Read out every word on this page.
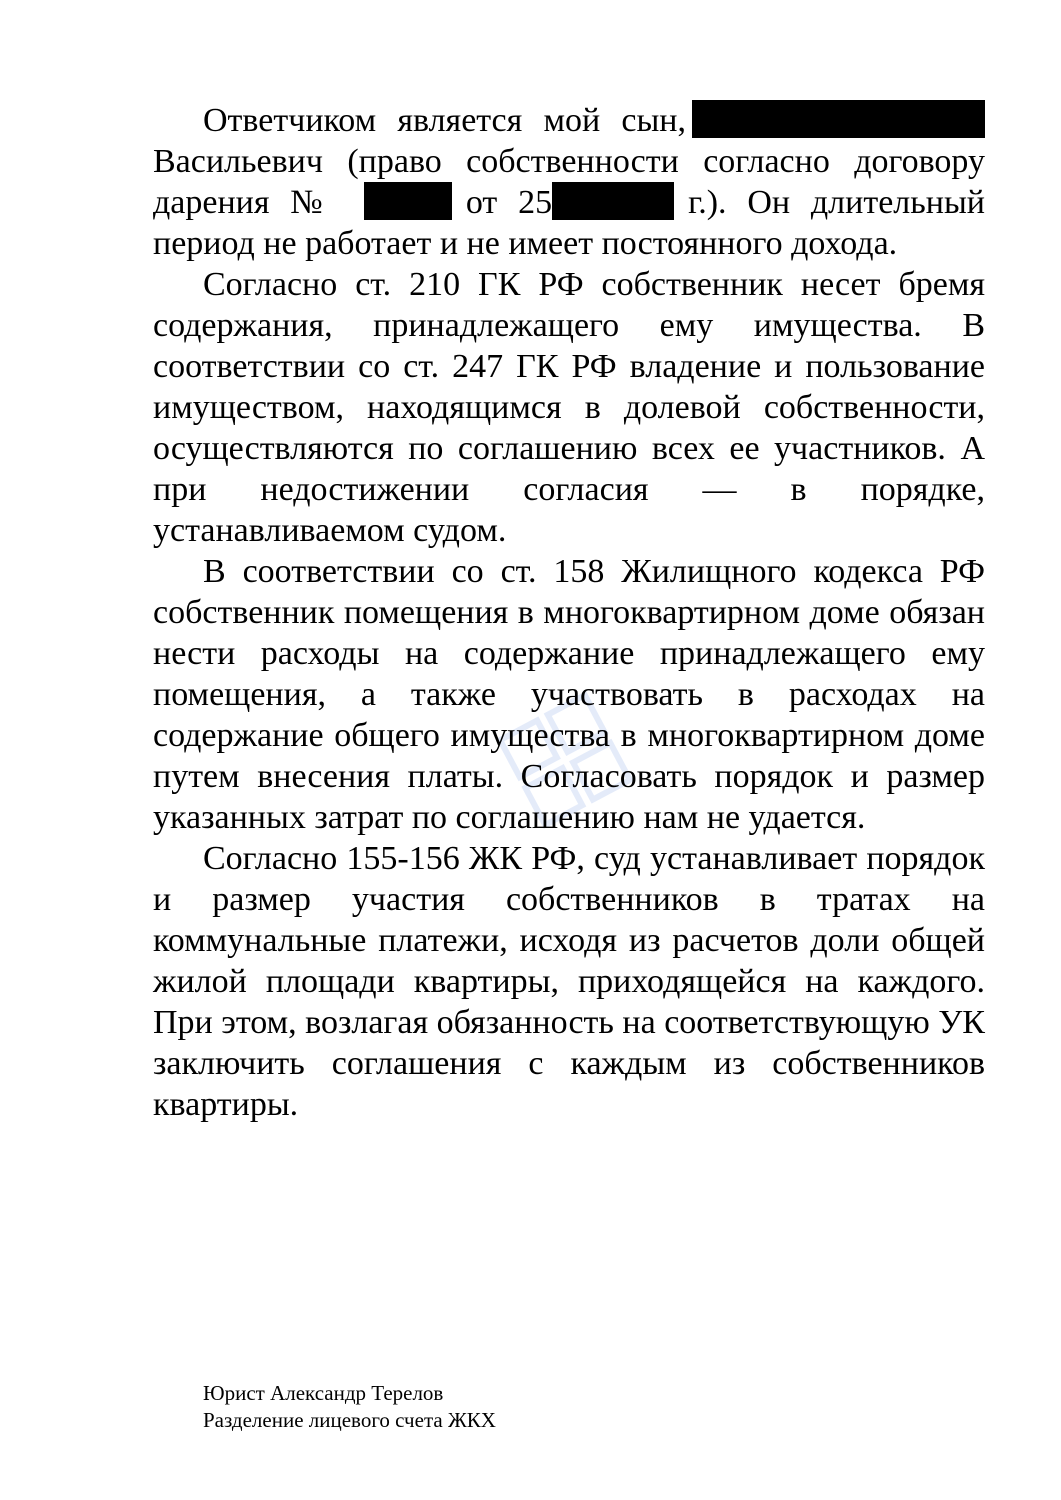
Ответчиком является мой сын, Васильевич (право собственности согласно договору дарения №	от 25	г.). Он длительный период не работает и не имеет постоянного дохода.

Согласно ст. 210 ГК РФ собственник несет бремя содержания, принадлежащего ему имущества. В соответствии со ст. 247 ГК РФ владение и пользование имуществом, находящимся в долевой собственности, осуществляются по соглашению всех ее участников. А при недостижении согласия — в порядке, устанавливаемом судом.

В соответствии со ст. 158 Жилищного кодекса РФ собственник помещения в многоквартирном доме обязан нести расходы на содержание принадлежащего ему помещения, а также участвовать в расходах на содержание общего имущества в многоквартирном доме путем внесения платы. Согласовать порядок и размер указанных затрат по соглашению нам не удается.

Согласно 155-156 ЖК РФ, суд устанавливает порядок и размер участия собственников в тратах на коммунальные платежи, исходя из расчетов доли общей жилой площади квартиры, приходящейся на каждого. При этом, возлагая обязанность на соответствующую УК заключить соглашения с каждым из собственников квартиры.

Юрист Александр Терелов
Разделение лицевого счета ЖКХ
